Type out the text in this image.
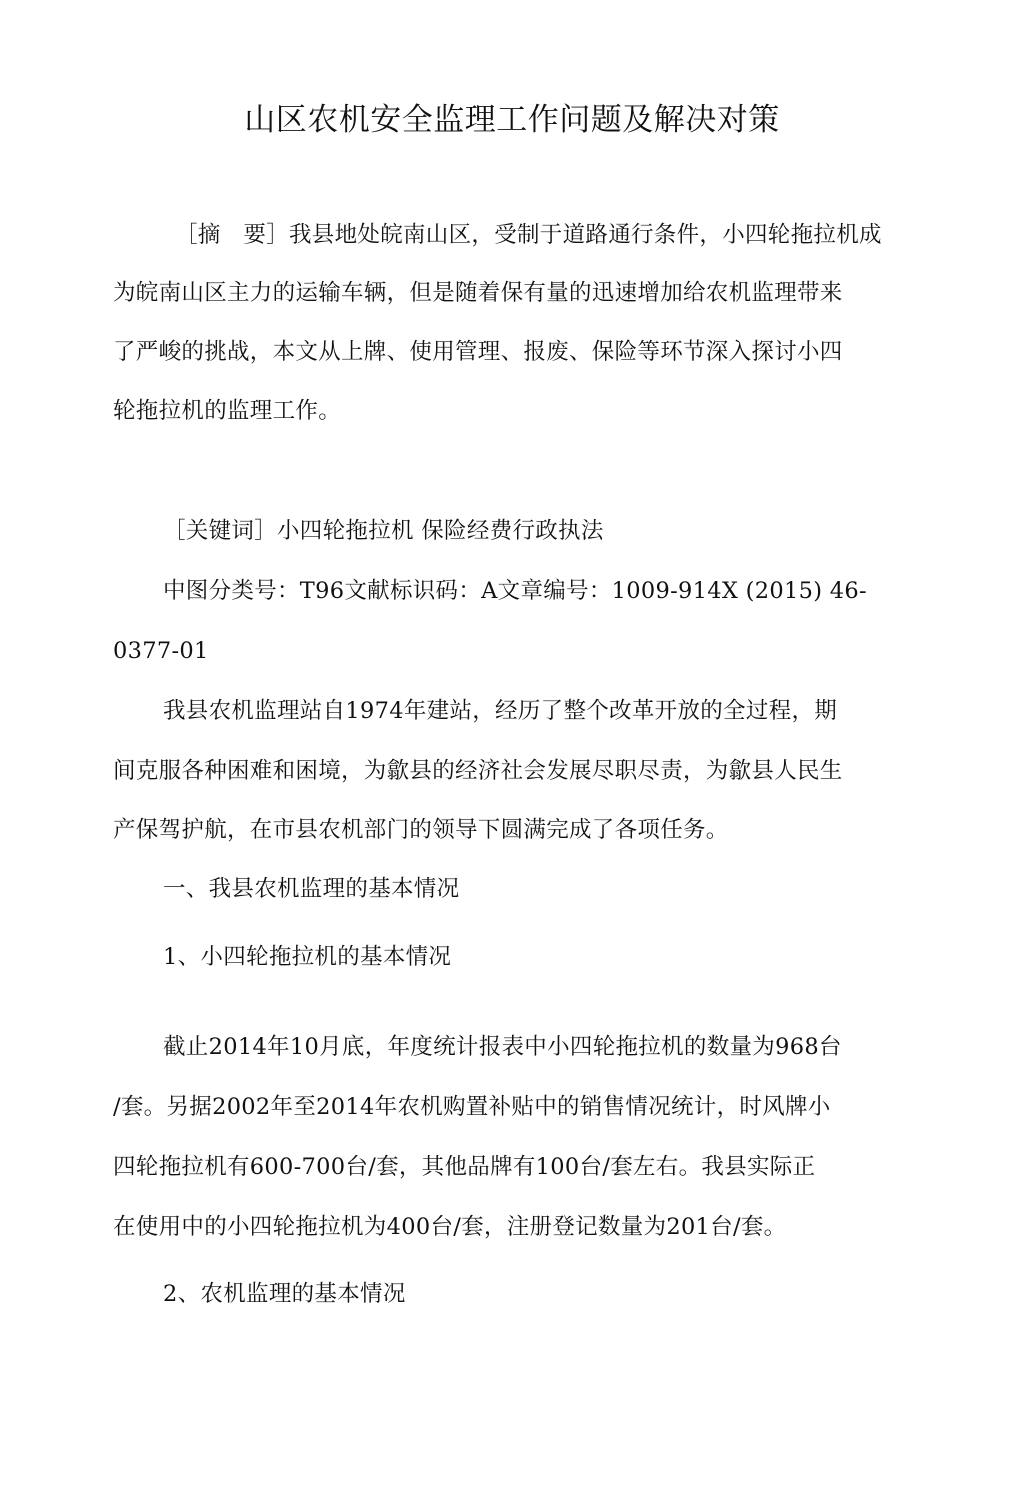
山区农机安全监理工作问题及解决对策
［摘　要］我县地处皖南山区，受制于道路通行条件，小四轮拖拉机成
为皖南山区主力的运输车辆，但是随着保有量的迅速增加给农机监理带来
了严峻的挑战，本文从上牌、使用管理、报废、保险等环节深入探讨小四
轮拖拉机的监理工作。
［关键词］小四轮拖拉机 保险经费行政执法
中图分类号：T96文献标识码：A文章编号：1009-914X (2015) 46-
0377-01
我县农机监理站自1974年建站，经历了整个改革开放的全过程，期
间克服各种困难和困境，为歙县的经济社会发展尽职尽责，为歙县人民生
产保驾护航，在市县农机部门的领导下圆满完成了各项任务。
一、我县农机监理的基本情况
1、小四轮拖拉机的基本情况
截止2014年10月底，年度统计报表中小四轮拖拉机的数量为968台
/套。另据2002年至2014年农机购置补贴中的销售情况统计，时风牌小
四轮拖拉机有600-700台/套，其他品牌有100台/套左右。我县实际正
在使用中的小四轮拖拉机为400台/套，注册登记数量为201台/套。
2、农机监理的基本情况
